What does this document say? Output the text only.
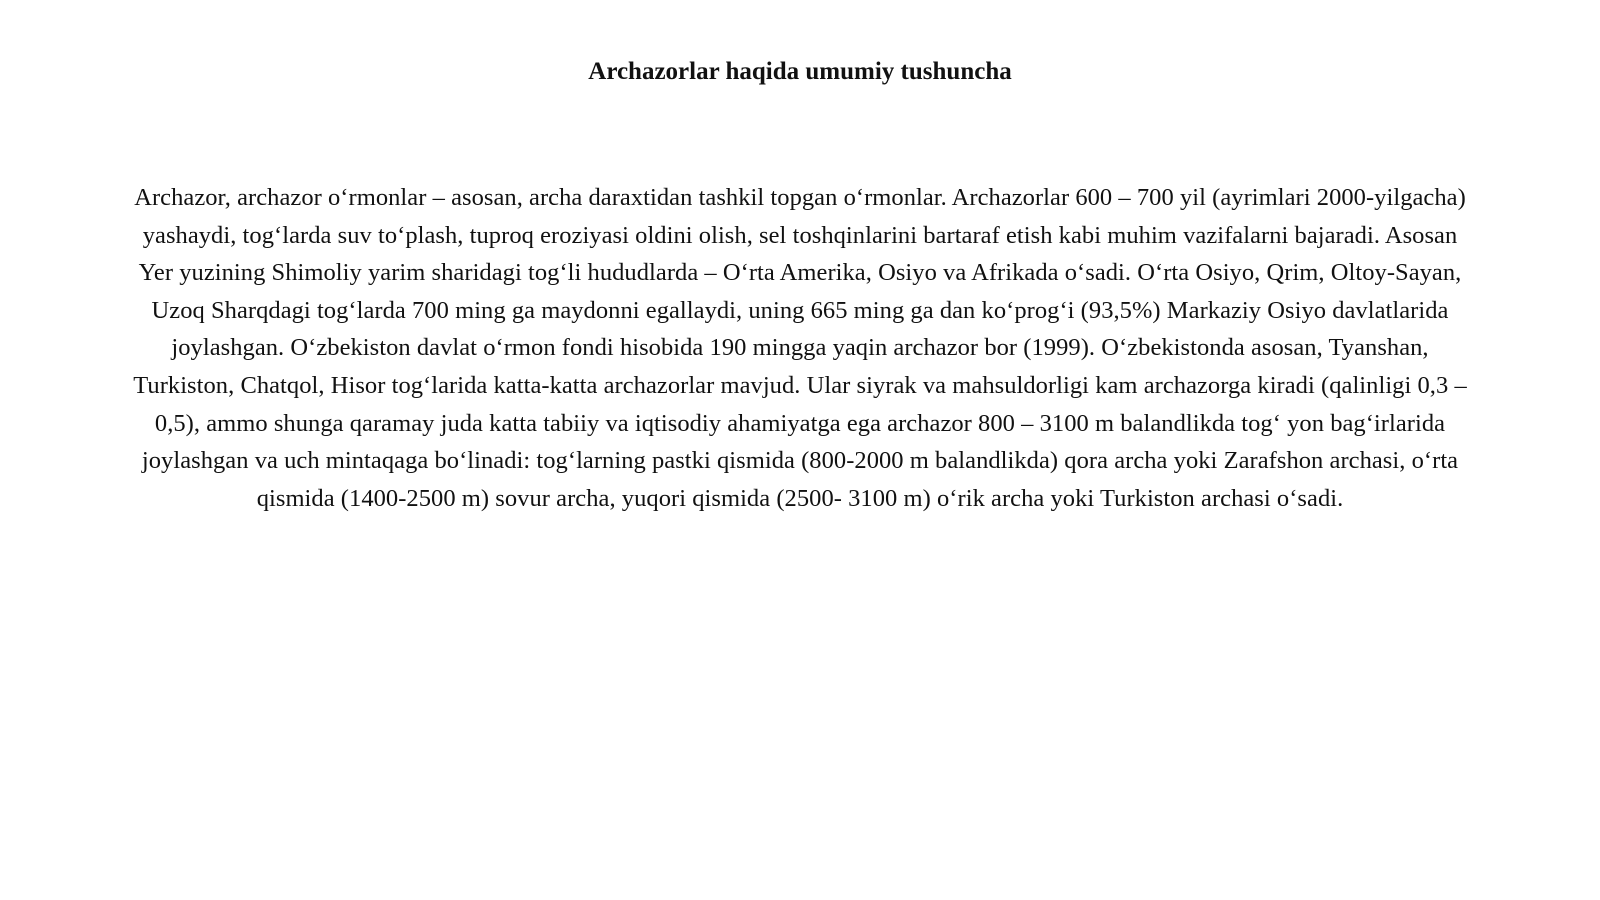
Archazorlar haqida umumiy tushuncha

Archazor, archazor o‘rmonlar – asosan, archa daraxtidan tashkil topgan o‘rmonlar. Archazorlar 600 – 700 yil (ayrimlari 2000-yilgacha) yashaydi, tog‘larda suv to‘plash, tuproq eroziyasi oldini olish, sel toshqinlarini bartaraf etish kabi muhim vazifalarni bajaradi. Asosan Yer yuzining Shimoliy yarim sharidagi tog‘li hududlarda – O‘rta Amerika, Osiyo va Afrikada o‘sadi. O‘rta Osiyo, Qrim, Oltoy-Sayan, Uzoq Sharqdagi tog‘larda 700 ming ga maydonni egallaydi, uning 665 ming ga dan ko‘prog‘i (93,5%) Markaziy Osiyo davlatlarida joylashgan. O‘zbekiston davlat o‘rmon fondi hisobida 190 mingga yaqin archazor bor (1999). O‘zbekistonda asosan, Tyanshan, Turkiston, Chatqol, Hisor tog‘larida katta-katta archazorlar mavjud. Ular siyrak va mahsuldorligi kam archazorga kiradi (qalinligi 0,3 – 0,5), ammo shunga qaramay juda katta tabiiy va iqtisodiy ahamiyatga ega archazor 800 – 3100 m balandlikda tog‘ yon bag‘irlarida joylashgan va uch mintaqaga bo‘linadi: tog‘larning pastki qismida (800-2000 m balandlikda) qora archa yoki Zarafshon archasi, o‘rta qismida (1400-2500 m) sovur archa, yuqori qismida (2500- 3100 m) o‘rik archa yoki Turkiston archasi o‘sadi.
